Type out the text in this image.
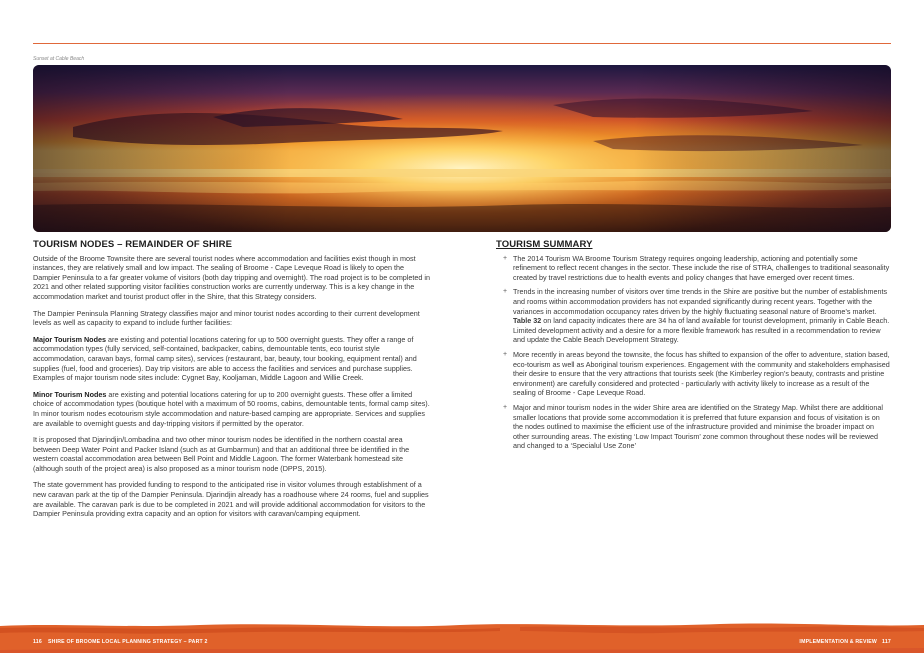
Sunset at Cable Beach
TOURISM NODES – REMAINDER OF SHIRE

Outside of the Broome Townsite there are several tourist nodes where accommodation and facilities exist though in most instances, they are relatively small and low impact. The sealing of Broome - Cape Leveque Road is likely to open the Dampier Peninsula to a far greater volume of visitors (both day tripping and overnight). The road project is to be completed in 2021 and other related supporting visitor facilities construction works are currently underway. This is a key change in the accommodation market and tourist product offer in the Shire, that this Strategy considers.

The Dampier Peninsula Planning Strategy classifies major and minor tourist nodes according to their current development levels as well as capacity to expand to include further facilities:

Major Tourism Nodes are existing and potential locations catering for up to 500 overnight guests. They offer a range of accommodation types (fully serviced, self-contained, backpacker, cabins, demountable tents, eco tourist style accommodation, caravan bays, formal camp sites), services (restaurant, bar, beauty, tour booking, equipment rental) and supplies (fuel, food and groceries). Day trip visitors are able to access the facilities and services and purchase supplies. Examples of major tourism node sites include: Cygnet Bay, Kooljaman, Middle Lagoon and Willie Creek.

Minor Tourism Nodes are existing and potential locations catering for up to 200 overnight guests. These offer a limited choice of accommodation types (boutique hotel with a maximum of 50 rooms, cabins, demountable tents, formal camp sites). In minor tourism nodes ecotourism style accommodation and nature-based camping are appropriate. Services and supplies are available to overnight guests and day-tripping visitors if permitted by the operator.

It is proposed that Djarindjin/Lombadina and two other minor tourism nodes be identified in the northern coastal area between Deep Water Point and Packer Island (such as at Gumbarmun) and that an additional three be identified in the western coastal accommodation area between Bell Point and Middle Lagoon. The former Waterbank homestead site (although south of the project area) is also proposed as a minor tourism node (DPPS, 2015).

The state government has provided funding to respond to the anticipated rise in visitor volumes through establishment of a new caravan park at the tip of the Dampier Peninsula. Djarindjin already has a roadhouse where 24 rooms, fuel and supplies are available. The caravan park is due to be completed in 2021 and will provide additional accommodation for visitors to the Dampier Peninsula providing extra capacity and an option for visitors with caravan/camping equipment.

TOURISM SUMMARY
+ The 2014 Tourism WA Broome Tourism Strategy requires ongoing leadership, actioning and potentially some refinement to reflect recent changes in the sector. These include the rise of STRA, challenges to traditional seasonality created by travel restrictions due to health events and policy changes that have emerged over recent times.
+ Trends in the increasing number of visitors over time trends in the Shire are positive but the number of establishments and rooms within accommodation providers has not expanded significantly during recent years. Together with the variances in accommodation occupancy rates driven by the highly fluctuating seasonal nature of Broome’s market. Table 32 on land capacity indicates there are 34 ha of land available for tourist development, primarily in Cable Beach. Limited development activity and a desire for a more flexible framework has resulted in a recommendation to review and update the Cable Beach Development Strategy.
+ More recently in areas beyond the townsite, the focus has shifted to expansion of the offer to adventure, station based, eco-tourism as well as Aboriginal tourism experiences. Engagement with the community and stakeholders emphasised their desire to ensure that the very attractions that tourists seek (the Kimberley region’s beauty, contrasts and pristine environment) are carefully considered and protected - particularly with activity likely to increase as a result of the sealing of Broome - Cape Leveque Road.
+ Major and minor tourism nodes in the wider Shire area are identified on the Strategy Map. Whilst there are additional smaller locations that provide some accommodation it is preferred that future expansion and focus of visitation is on the nodes outlined to maximise the efficient use of the infrastructure provided and minimise the broader impact on other surrounding areas. The existing ‘Low Impact Tourism’ zone common throughout these nodes will be reviewed and changed to a ‘Specialul Use Zone’
116 SHIRE OF BROOME LOCAL PLANNING STRATEGY – PART 2	IMPLEMENTATION & REVIEW 117
